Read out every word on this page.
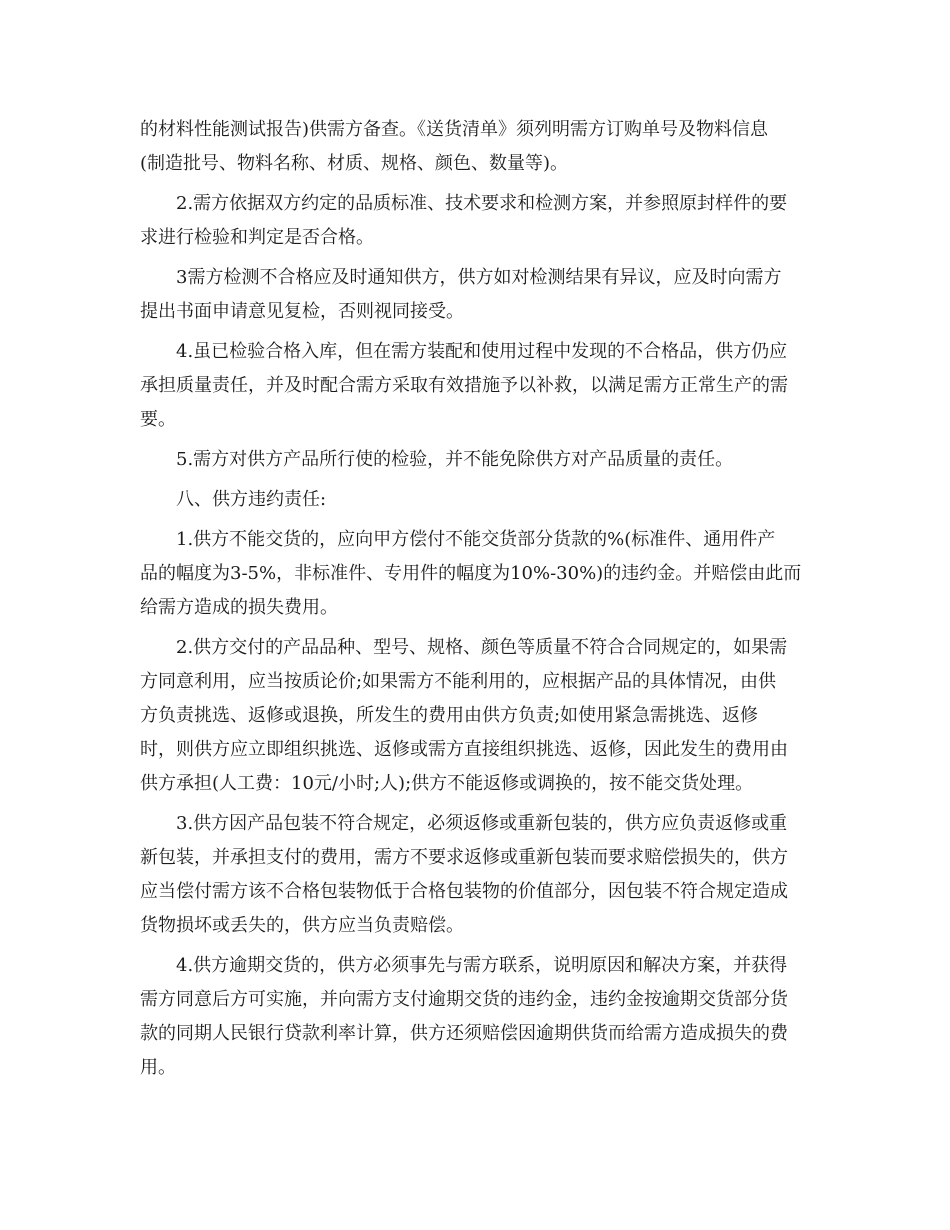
的材料性能测试报告)供需方备查。《送货清单》须列明需方订购单号及物料信息
(制造批号、物料名称、材质、规格、颜色、数量等)。
2.需方依据双方约定的品质标准、技术要求和检测方案，并参照原封样件的要
求进行检验和判定是否合格。
3需方检测不合格应及时通知供方，供方如对检测结果有异议，应及时向需方
提出书面申请意见复检，否则视同接受。
4.虽已检验合格入库，但在需方装配和使用过程中发现的不合格品，供方仍应
承担质量责任，并及时配合需方采取有效措施予以补救，以满足需方正常生产的需
要。
5.需方对供方产品所行使的检验，并不能免除供方对产品质量的责任。
八、供方违约责任:
1.供方不能交货的，应向甲方偿付不能交货部分货款的%(标准件、通用件产
品的幅度为3-5%，非标准件、专用件的幅度为10%-30%)的违约金。并赔偿由此而
给需方造成的损失费用。
2.供方交付的产品品种、型号、规格、颜色等质量不符合合同规定的，如果需
方同意利用，应当按质论价;如果需方不能利用的，应根据产品的具体情况，由供
方负责挑选、返修或退换，所发生的费用由供方负责;如使用紧急需挑选、返修
时，则供方应立即组织挑选、返修或需方直接组织挑选、返修，因此发生的费用由
供方承担(人工费：10元/小时;人);供方不能返修或调换的，按不能交货处理。
3.供方因产品包装不符合规定，必须返修或重新包装的，供方应负责返修或重
新包装，并承担支付的费用，需方不要求返修或重新包装而要求赔偿损失的，供方
应当偿付需方该不合格包装物低于合格包装物的价值部分，因包装不符合规定造成
货物损坏或丢失的，供方应当负责赔偿。
4.供方逾期交货的，供方必须事先与需方联系，说明原因和解决方案，并获得
需方同意后方可实施，并向需方支付逾期交货的违约金，违约金按逾期交货部分货
款的同期人民银行贷款利率计算，供方还须赔偿因逾期供货而给需方造成损失的费
用。
